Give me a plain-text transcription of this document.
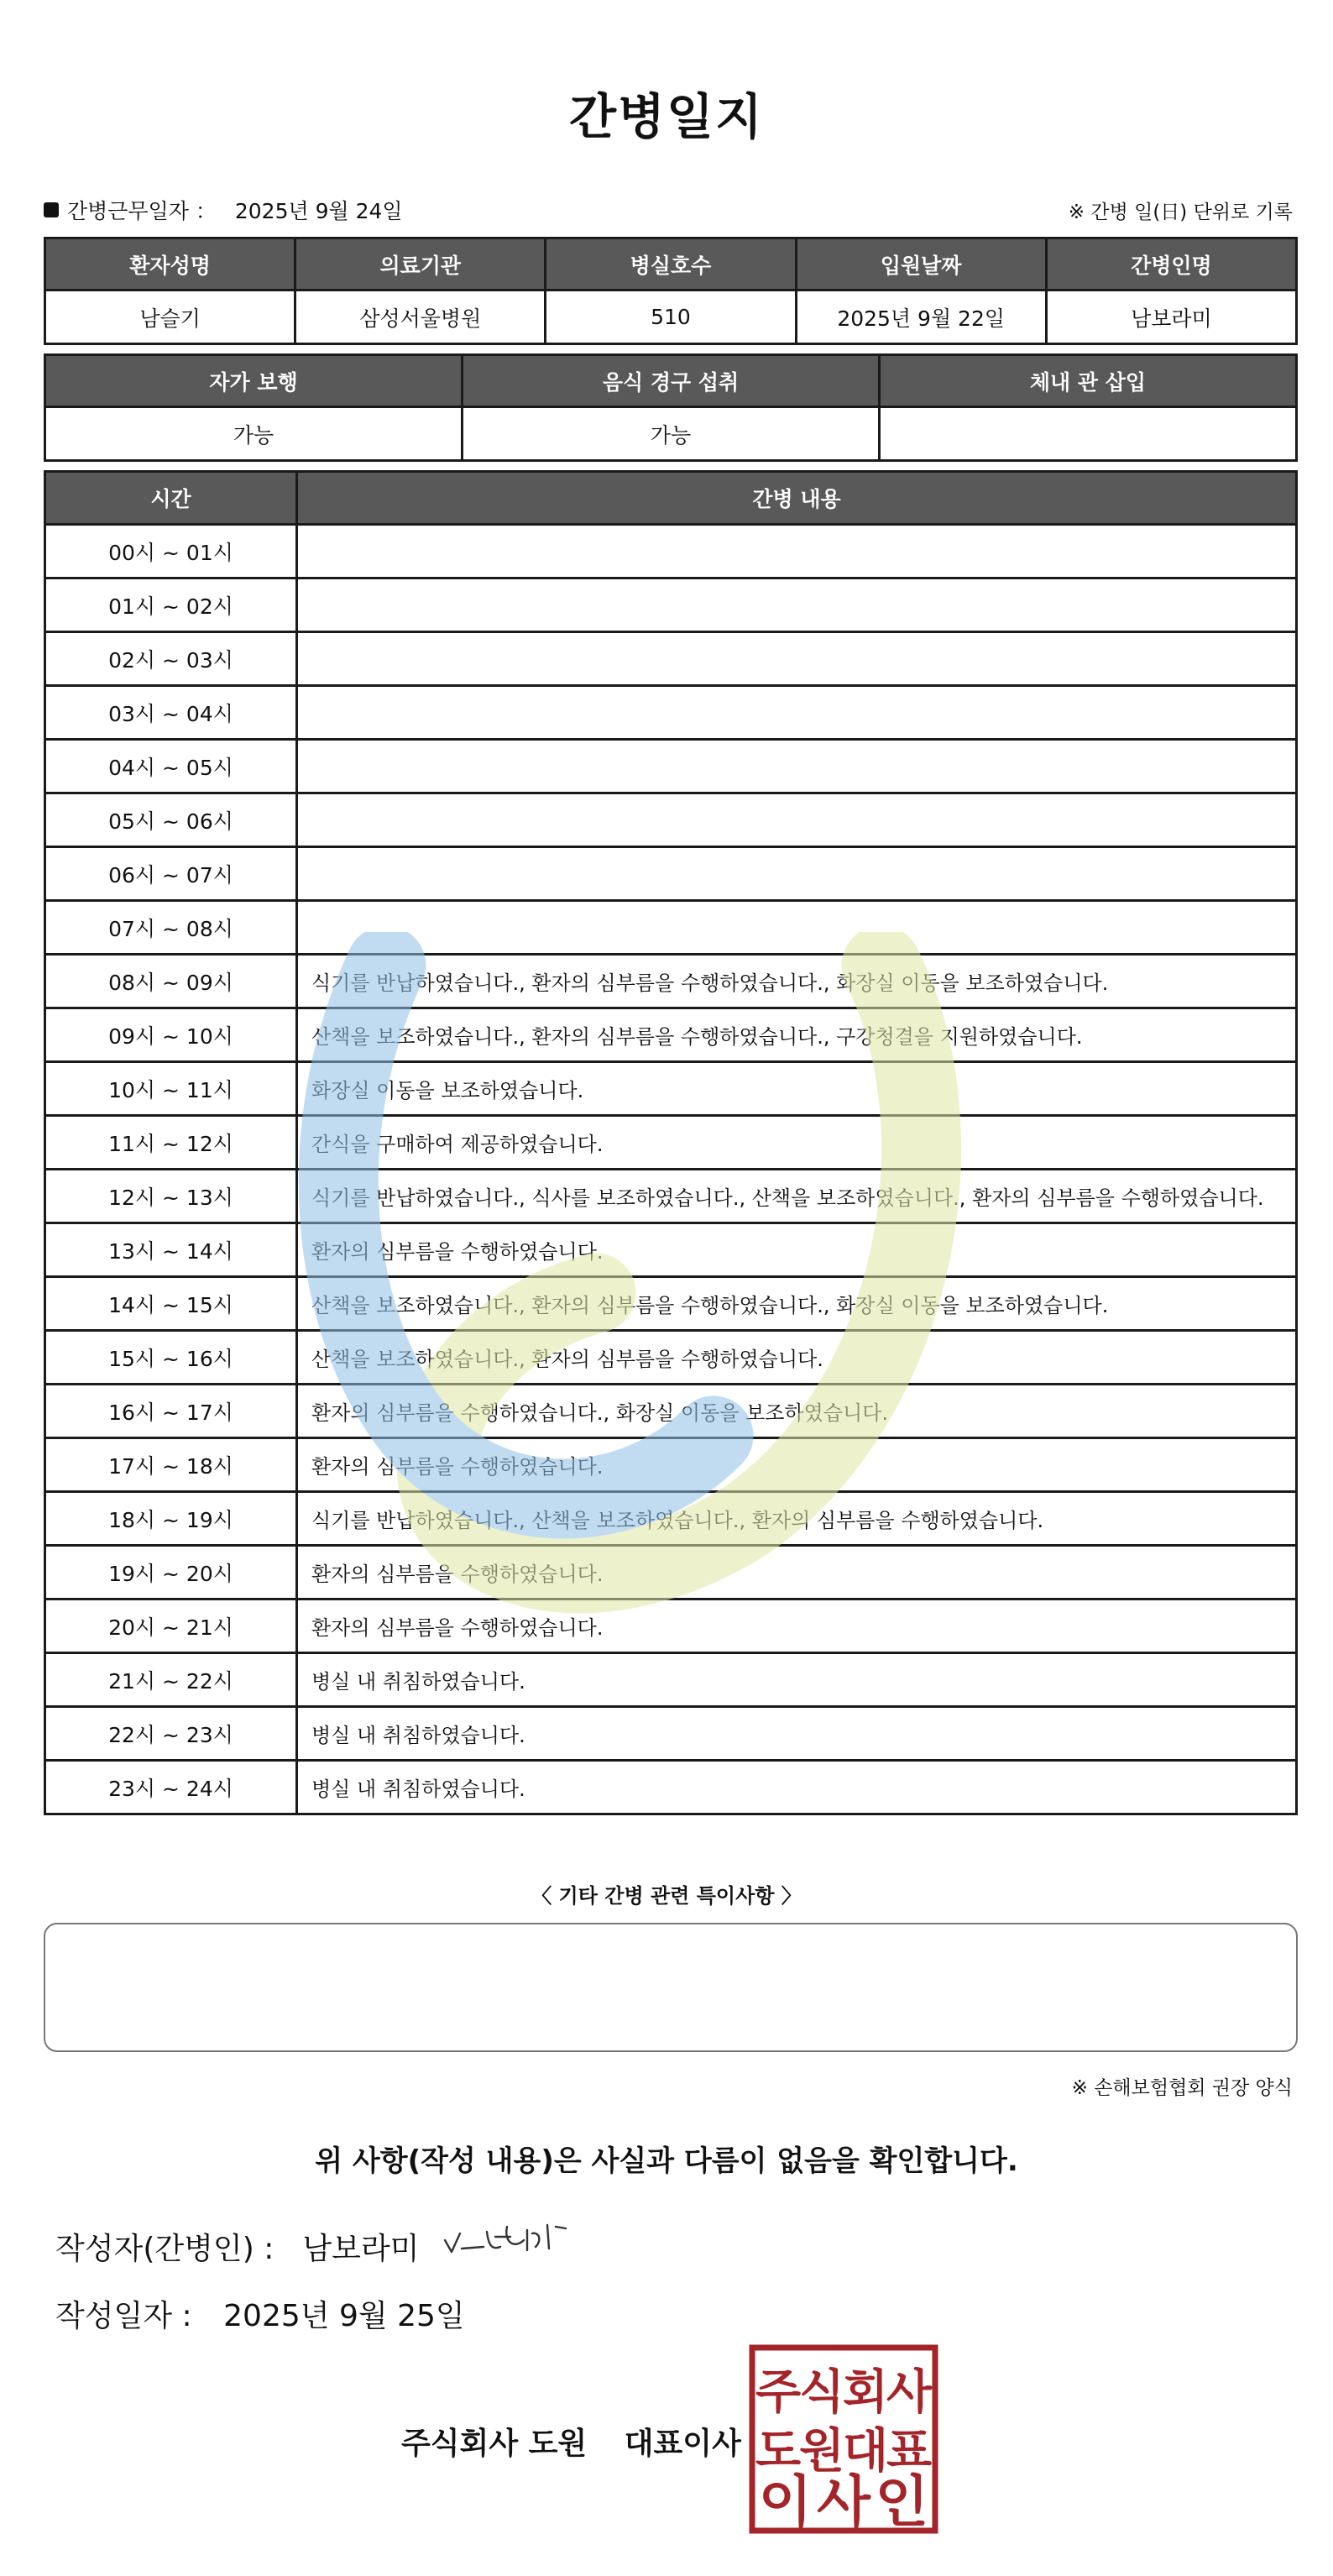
간병일지
간병근무일자 ： 2025년 9월 24일	※ 간병 일(日) 단위로 기록
환자성명	의료기관	병실호수	입원날짜	간병인명
남슬기	삼성서울병원	510	2025년 9월 22일	남보라미
자가 보행	음식 경구 섭취	체내 관 삽입
가능	가능	
시간	간병 내용
00시 ~ 01시	
01시 ~ 02시	
02시 ~ 03시	
03시 ~ 04시	
04시 ~ 05시	
05시 ~ 06시	
06시 ~ 07시	
07시 ~ 08시	
08시 ~ 09시	식기를 반납하였습니다., 환자의 심부름을 수행하였습니다., 화장실 이동을 보조하였습니다.
09시 ~ 10시	산책을 보조하였습니다., 환자의 심부름을 수행하였습니다., 구강청결을 지원하였습니다.
10시 ~ 11시	화장실 이동을 보조하였습니다.
11시 ~ 12시	간식을 구매하여 제공하였습니다.
12시 ~ 13시	식기를 반납하였습니다., 식사를 보조하였습니다., 산책을 보조하였습니다., 환자의 심부름을 수행하였습니다.
13시 ~ 14시	환자의 심부름을 수행하였습니다.
14시 ~ 15시	산책을 보조하였습니다., 환자의 심부름을 수행하였습니다., 화장실 이동을 보조하였습니다.
15시 ~ 16시	산책을 보조하였습니다., 환자의 심부름을 수행하였습니다.
16시 ~ 17시	환자의 심부름을 수행하였습니다., 화장실 이동을 보조하였습니다.
17시 ~ 18시	환자의 심부름을 수행하였습니다.
18시 ~ 19시	식기를 반납하였습니다., 산책을 보조하였습니다., 환자의 심부름을 수행하였습니다.
19시 ~ 20시	환자의 심부름을 수행하였습니다.
20시 ~ 21시	환자의 심부름을 수행하였습니다.
21시 ~ 22시	병실 내 취침하였습니다.
22시 ~ 23시	병실 내 취침하였습니다.
23시 ~ 24시	병실 내 취침하였습니다.
〈 기타 간병 관련 특이사항 〉
※ 손해보험협회 권장 양식
위 사항(작성 내용)은 사실과 다름이 없음을 확인합니다.
작성자(간병인) : 남보라미
작성일자 : 2025년 9월 25일
주식회사 도원 대표이사
주
식
회
사
도
원
대
표
이 사 인
